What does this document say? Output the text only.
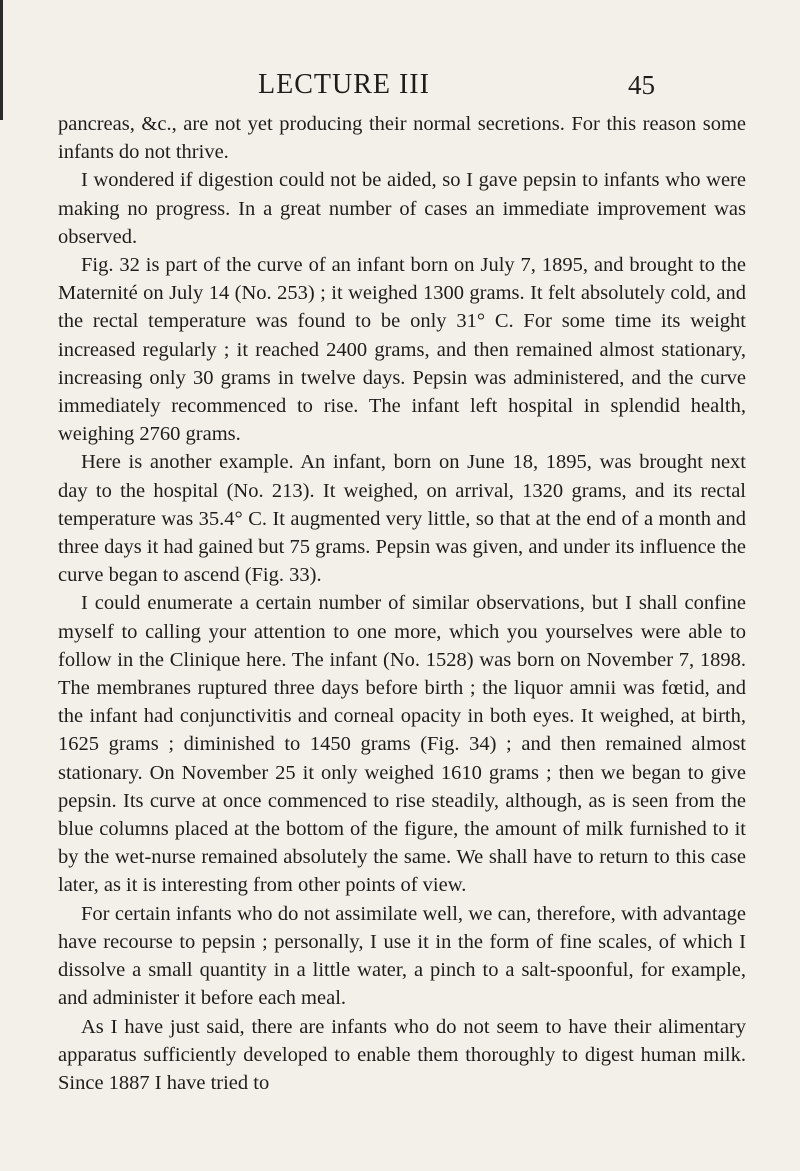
LECTURE III	45

pancreas, &c., are not yet producing their normal secretions. For this reason some infants do not thrive.

I wondered if digestion could not be aided, so I gave pepsin to infants who were making no progress. In a great number of cases an immediate improvement was observed.

Fig. 32 is part of the curve of an infant born on July 7, 1895, and brought to the Maternité on July 14 (No. 253) ; it weighed 1300 grams. It felt absolutely cold, and the rectal temperature was found to be only 31° C. For some time its weight increased regularly ; it reached 2400 grams, and then remained almost stationary, increasing only 30 grams in twelve days. Pepsin was administered, and the curve immediately recommenced to rise. The infant left hospital in splendid health, weighing 2760 grams.

Here is another example. An infant, born on June 18, 1895, was brought next day to the hospital (No. 213). It weighed, on arrival, 1320 grams, and its rectal temperature was 35.4° C. It augmented very little, so that at the end of a month and three days it had gained but 75 grams. Pepsin was given, and under its influence the curve began to ascend (Fig. 33).

I could enumerate a certain number of similar observations, but I shall confine myself to calling your attention to one more, which you yourselves were able to follow in the Clinique here. The infant (No. 1528) was born on November 7, 1898. The membranes ruptured three days before birth ; the liquor amnii was fœtid, and the infant had conjunctivitis and corneal opacity in both eyes. It weighed, at birth, 1625 grams ; diminished to 1450 grams (Fig. 34) ; and then remained almost stationary. On November 25 it only weighed 1610 grams ; then we began to give pepsin. Its curve at once commenced to rise steadily, although, as is seen from the blue columns placed at the bottom of the figure, the amount of milk furnished to it by the wet-nurse remained absolutely the same. We shall have to return to this case later, as it is interesting from other points of view.

For certain infants who do not assimilate well, we can, therefore, with advantage have recourse to pepsin ; personally, I use it in the form of fine scales, of which I dissolve a small quantity in a little water, a pinch to a salt-spoonful, for example, and administer it before each meal.

As I have just said, there are infants who do not seem to have their alimentary apparatus sufficiently developed to enable them thoroughly to digest human milk. Since 1887 I have tried to
